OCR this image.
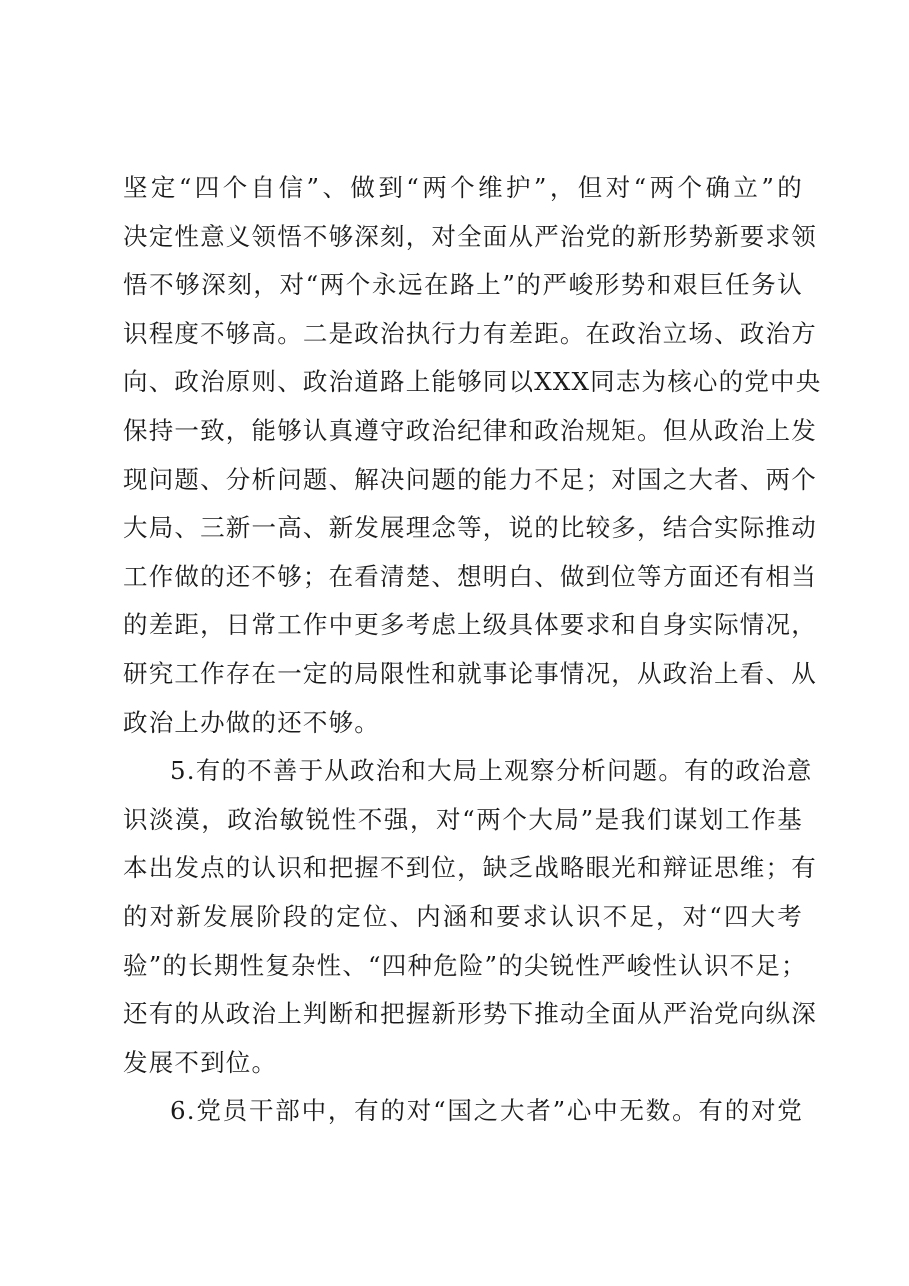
坚定“四个自信”、做到“两个维护”，但对“两个确立”的
决定性意义领悟不够深刻，对全面从严治党的新形势新要求领
悟不够深刻，对“两个永远在路上”的严峻形势和艰巨任务认
识程度不够高。二是政治执行力有差距。在政治立场、政治方
向、政治原则、政治道路上能够同以XXX同志为核心的党中央
保持一致，能够认真遵守政治纪律和政治规矩。但从政治上发
现问题、分析问题、解决问题的能力不足；对国之大者、两个
大局、三新一高、新发展理念等，说的比较多，结合实际推动
工作做的还不够；在看清楚、想明白、做到位等方面还有相当
的差距，日常工作中更多考虑上级具体要求和自身实际情况，
研究工作存在一定的局限性和就事论事情况，从政治上看、从
政治上办做的还不够。
5.有的不善于从政治和大局上观察分析问题。有的政治意
识淡漠，政治敏锐性不强，对“两个大局”是我们谋划工作基
本出发点的认识和把握不到位，缺乏战略眼光和辩证思维；有
的对新发展阶段的定位、内涵和要求认识不足，对“四大考
验”的长期性复杂性、“四种危险”的尖锐性严峻性认识不足；
还有的从政治上判断和把握新形势下推动全面从严治党向纵深
发展不到位。
6.党员干部中，有的对“国之大者”心中无数。有的对党
